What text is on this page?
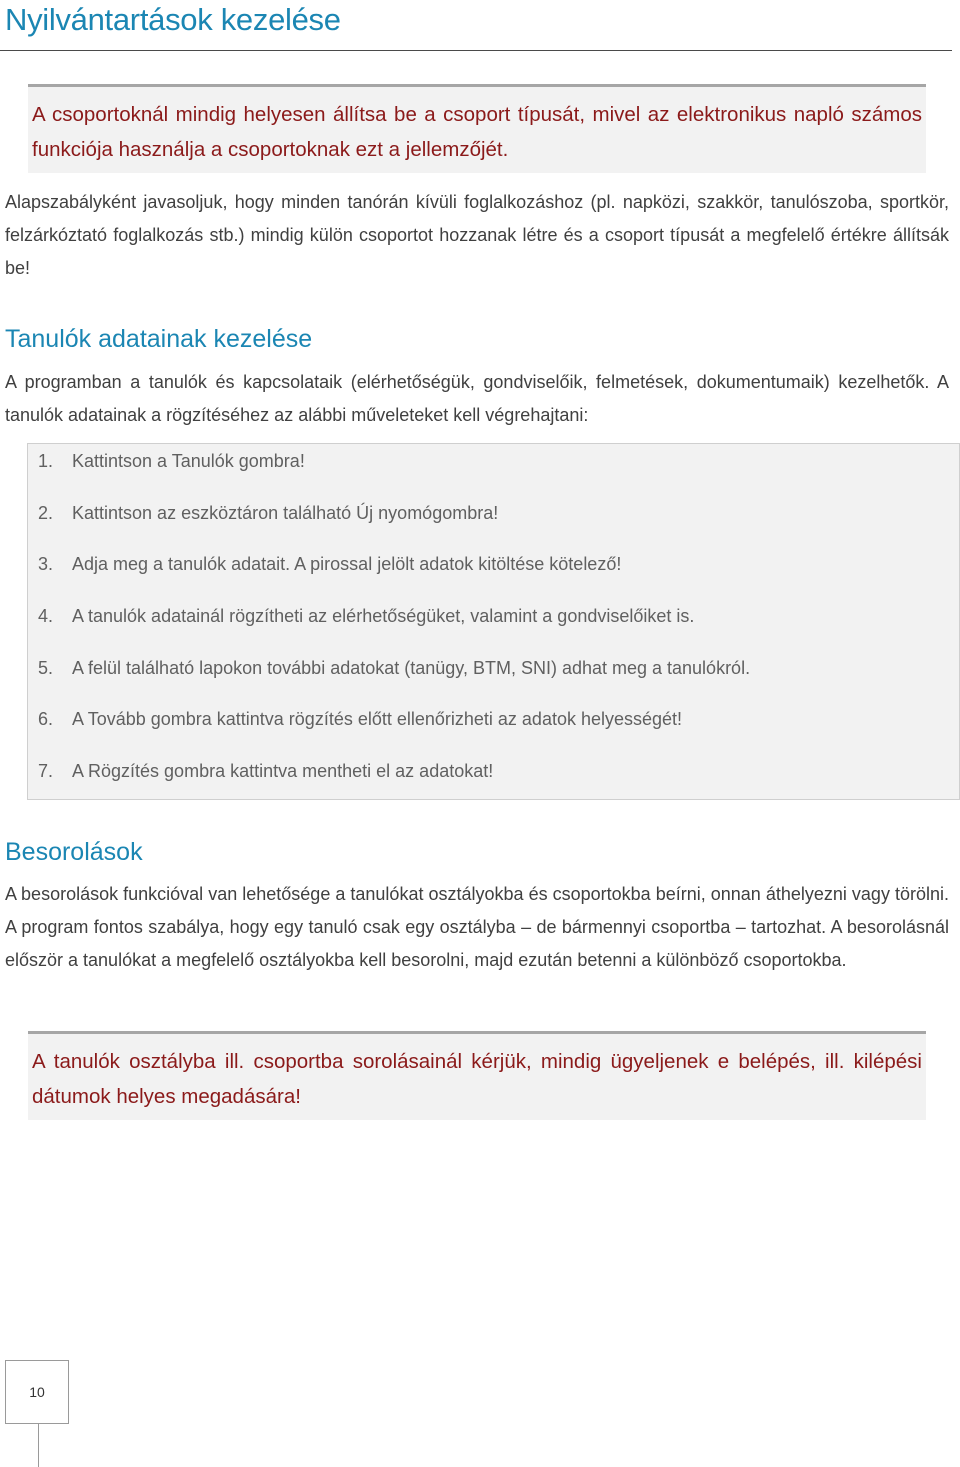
Nyilvántartások kezelése
A csoportoknál mindig helyesen állítsa be a csoport típusát, mivel az elektronikus napló számos funkciója használja a csoportoknak ezt a jellemzőjét.
Alapszabályként javasoljuk, hogy minden tanórán kívüli foglalkozáshoz (pl. napközi, szakkör, tanulószoba, sportkör, felzárkóztató foglalkozás stb.) mindig külön csoportot hozzanak létre és a csoport típusát a megfelelő értékre állítsák be!
Tanulók adatainak kezelése
A programban a tanulók és kapcsolataik (elérhetőségük, gondviselőik, felmetések, dokumentumaik) kezelhetők. A tanulók adatainak a rögzítéséhez az alábbi műveleteket kell végrehajtani:
1. Kattintson a Tanulók gombra!
2. Kattintson az eszköztáron található Új nyomógombra!
3. Adja meg a tanulók adatait. A pirossal jelölt adatok kitöltése kötelező!
4. A tanulók adatainál rögzítheti az elérhetőségüket, valamint a gondviselőiket is.
5. A felül található lapokon további adatokat (tanügy, BTM, SNI) adhat meg a tanulókról.
6. A Tovább gombra kattintva rögzítés előtt ellenőrizheti az adatok helyességét!
7. A Rögzítés gombra kattintva mentheti el az adatokat!
Besorolások
A besorolások funkcióval van lehetősége a tanulókat osztályokba és csoportokba beírni, onnan áthelyezni vagy törölni. A program fontos szabálya, hogy egy tanuló csak egy osztályba – de bármennyi csoportba – tartozhat. A besorolásnál először a tanulókat a megfelelő osztályokba kell besorolni, majd ezután betenni a különböző csoportokba.
A tanulók osztályba ill. csoportba sorolásainál kérjük, mindig ügyeljenek e belépés, ill. kilépési dátumok helyes megadására!
10
